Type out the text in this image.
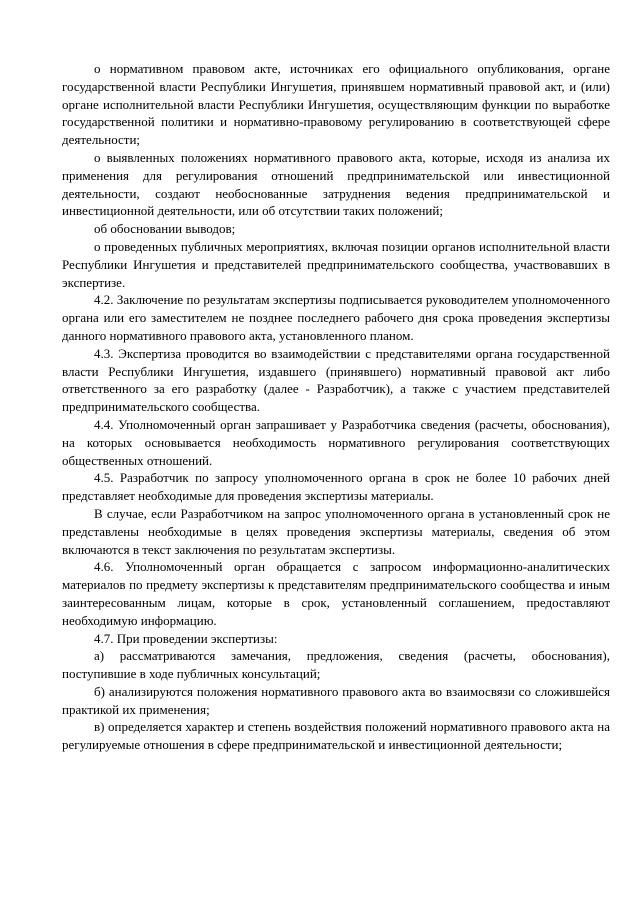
о нормативном правовом акте, источниках его официального опубликования, органе государственной власти Республики Ингушетия, принявшем нормативный правовой акт, и (или) органе исполнительной власти Республики Ингушетия, осуществляющим функции по выработке государственной политики и нормативно-правовому регулированию в соответствующей сфере деятельности;

о выявленных положениях нормативного правового акта, которые, исходя из анализа их применения для регулирования отношений предпринимательской или инвестиционной деятельности, создают необоснованные затруднения ведения предпринимательской и инвестиционной деятельности, или об отсутствии таких положений;

об обосновании выводов;

о проведенных публичных мероприятиях, включая позиции органов исполнительной власти Республики Ингушетия и представителей предпринимательского сообщества, участвовавших в экспертизе.

4.2. Заключение по результатам экспертизы подписывается руководителем уполномоченного органа или его заместителем не позднее последнего рабочего дня срока проведения экспертизы данного нормативного правового акта, установленного планом.

4.3. Экспертиза проводится во взаимодействии с представителями органа государственной власти Республики Ингушетия, издавшего (принявшего) нормативный правовой акт либо ответственного за его разработку (далее - Разработчик), а также с участием представителей предпринимательского сообщества.

4.4. Уполномоченный орган запрашивает у Разработчика сведения (расчеты, обоснования), на которых основывается необходимость нормативного регулирования соответствующих общественных отношений.

4.5. Разработчик по запросу уполномоченного органа в срок не более 10 рабочих дней представляет необходимые для проведения экспертизы материалы.

В случае, если Разработчиком на запрос уполномоченного органа в установленный срок не представлены необходимые в целях проведения экспертизы материалы, сведения об этом включаются в текст заключения по результатам экспертизы.

4.6. Уполномоченный орган обращается с запросом информационно-аналитических материалов по предмету экспертизы к представителям предпринимательского сообщества и иным заинтересованным лицам, которые в срок, установленный соглашением, предоставляют необходимую информацию.

4.7. При проведении экспертизы:

а) рассматриваются замечания, предложения, сведения (расчеты, обоснования), поступившие в ходе публичных консультаций;

б) анализируются положения нормативного правового акта во взаимосвязи со сложившейся практикой их применения;

в) определяется характер и степень воздействия положений нормативного правового акта на регулируемые отношения в сфере предпринимательской и инвестиционной деятельности;
